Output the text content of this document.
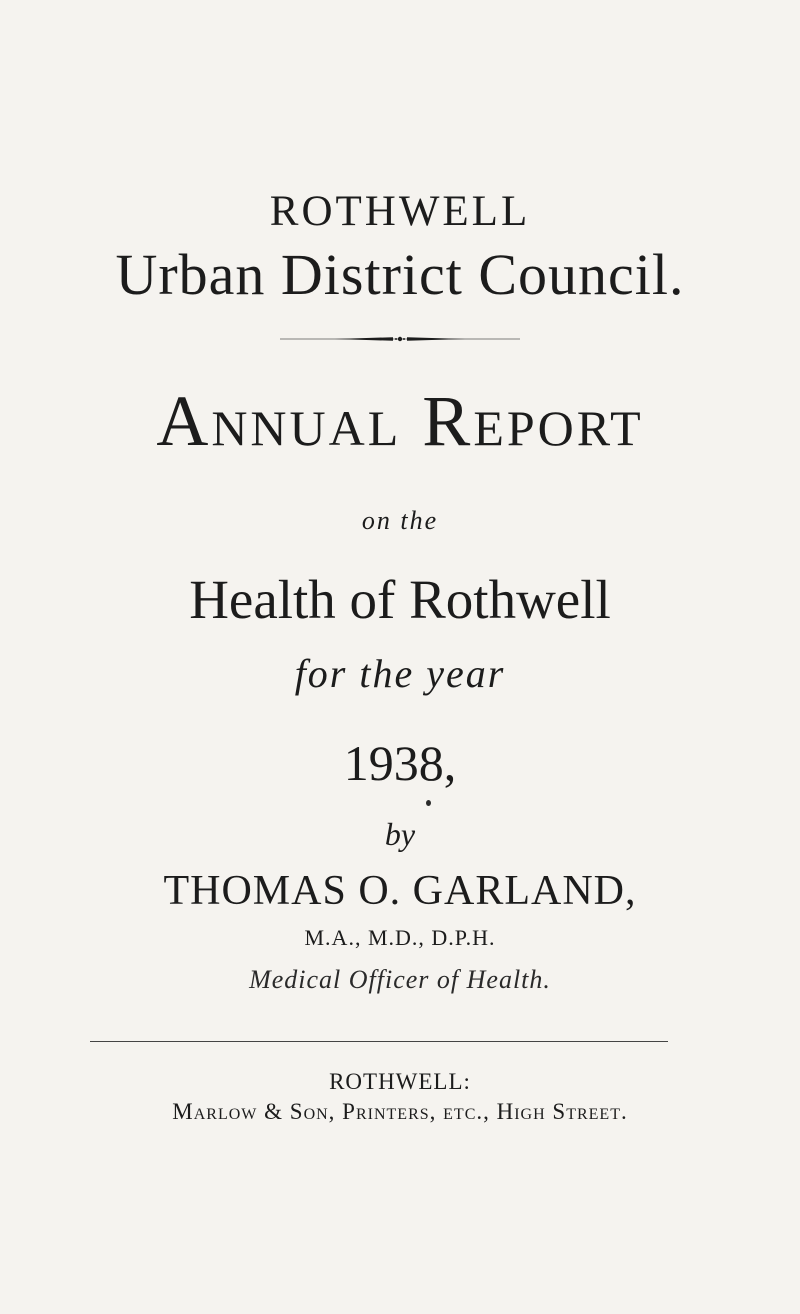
ROTHWELL
Urban District Council.
Annual Report
on the
Health of Rothwell
for the year
1938,
by
THOMAS O. GARLAND,
M.A., M.D., D.P.H.
Medical Officer of Health.
ROTHWELL:
Marlow & Son, Printers, etc., High Street.
